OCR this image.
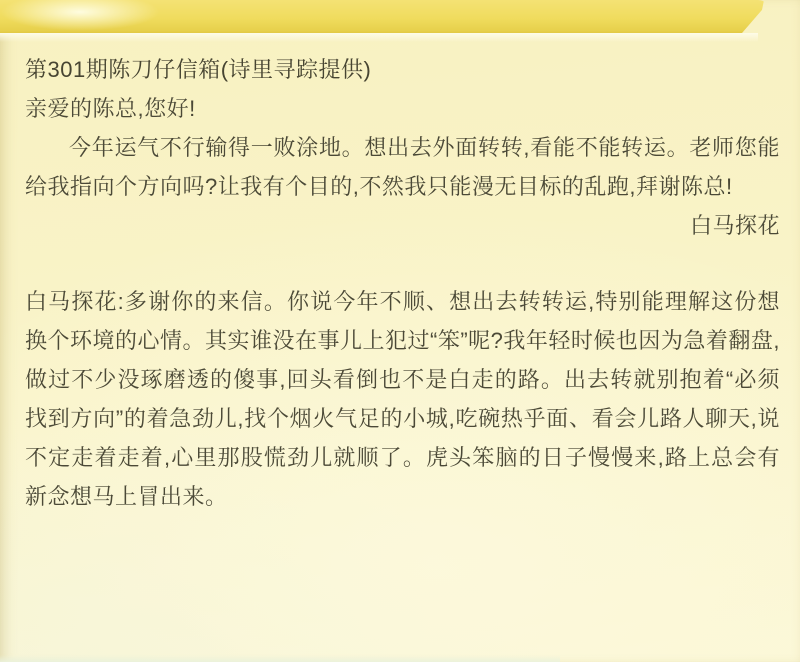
第301期陈刀仔信箱(诗里寻踪提供)

亲爱的陈总,您好!

今年运气不行输得一败涂地。想出去外面转转,看能不能转运。老师您能给我指向个方向吗?让我有个目的,不然我只能漫无目标的乱跑,拜谢陈总!

白马探花

白马探花:多谢你的来信。你说今年不顺、想出去转转运,特别能理解这份想换个环境的心情。其实谁没在事儿上犯过“笨”呢?我年轻时候也因为急着翻盘,做过不少没琢磨透的傻事,回头看倒也不是白走的路。出去转就别抱着“必须找到方向”的着急劲儿,找个烟火气足的小城,吃碗热乎面、看会儿路人聊天,说不定走着走着,心里那股慌劲儿就顺了。虎头笨脑的日子慢慢来,路上总会有新念想马上冒出来。
